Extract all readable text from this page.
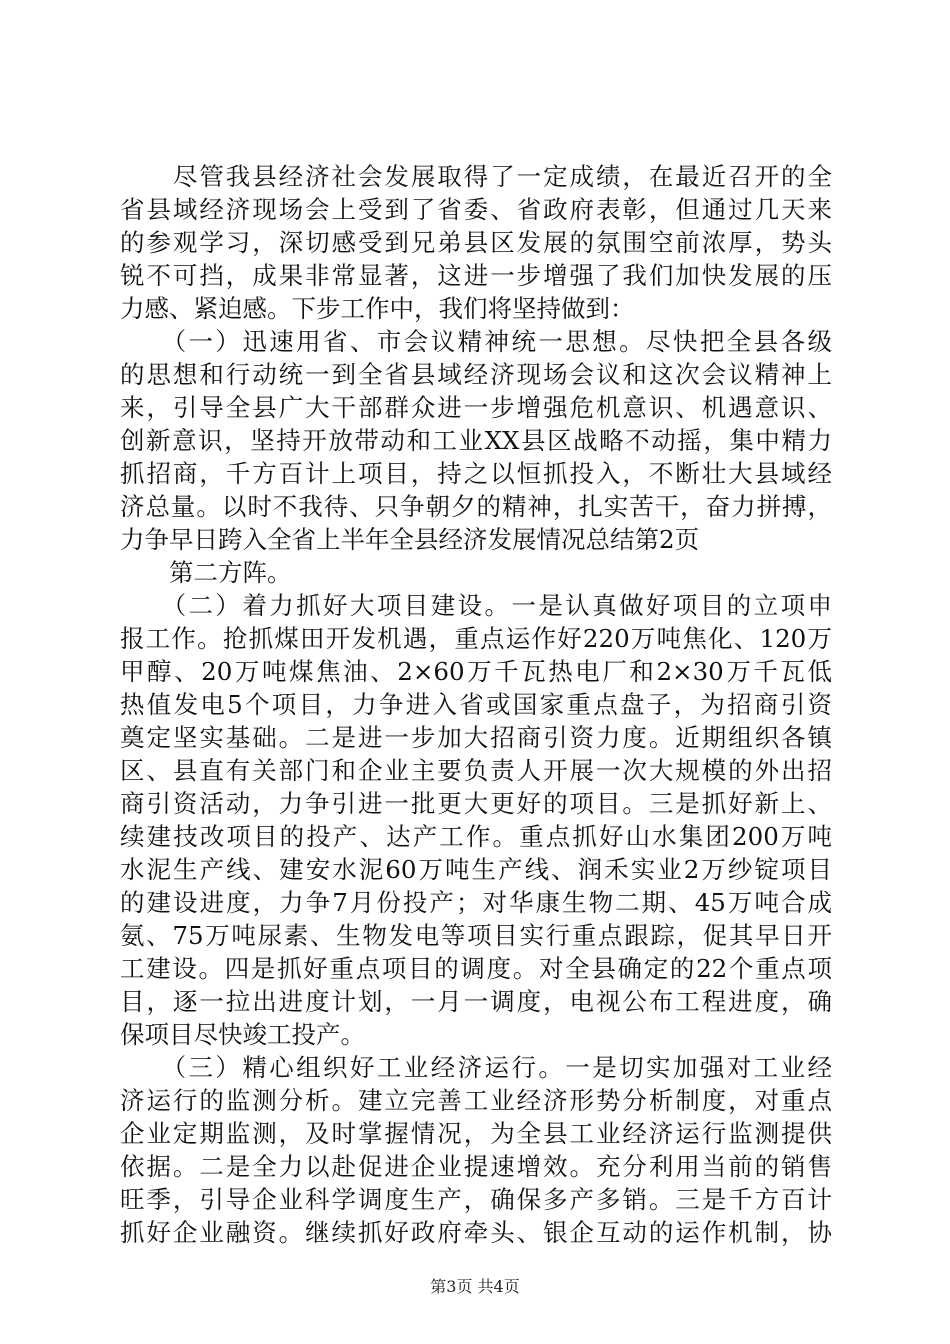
　　尽管我县经济社会发展取得了一定成绩，在最近召开的全
省县域经济现场会上受到了省委、省政府表彰，但通过几天来
的参观学习，深切感受到兄弟县区发展的氛围空前浓厚，势头
锐不可挡，成果非常显著，这进一步增强了我们加快发展的压
力感、紧迫感。下步工作中，我们将坚持做到：
　　（一）迅速用省、市会议精神统一思想。尽快把全县各级
的思想和行动统一到全省县域经济现场会议和这次会议精神上
来，引导全县广大干部群众进一步增强危机意识、机遇意识、
创新意识，坚持开放带动和工业XX县区战略不动摇，集中精力
抓招商，千方百计上项目，持之以恒抓投入，不断壮大县域经
济总量。以时不我待、只争朝夕的精神，扎实苦干，奋力拼搏，
力争早日跨入全省上半年全县经济发展情况总结第2页
　　第二方阵。
　　（二）着力抓好大项目建设。一是认真做好项目的立项申
报工作。抢抓煤田开发机遇，重点运作好220万吨焦化、120万
甲醇、20万吨煤焦油、2×60万千瓦热电厂和2×30万千瓦低
热值发电5个项目，力争进入省或国家重点盘子，为招商引资
奠定坚实基础。二是进一步加大招商引资力度。近期组织各镇
区、县直有关部门和企业主要负责人开展一次大规模的外出招
商引资活动，力争引进一批更大更好的项目。三是抓好新上、
续建技改项目的投产、达产工作。重点抓好山水集团200万吨
水泥生产线、建安水泥60万吨生产线、润禾实业2万纱锭项目
的建设进度，力争7月份投产；对华康生物二期、45万吨合成
氨、75万吨尿素、生物发电等项目实行重点跟踪，促其早日开
工建设。四是抓好重点项目的调度。对全县确定的22个重点项
目，逐一拉出进度计划，一月一调度，电视公布工程进度，确
保项目尽快竣工投产。
　　（三）精心组织好工业经济运行。一是切实加强对工业经
济运行的监测分析。建立完善工业经济形势分析制度，对重点
企业定期监测，及时掌握情况，为全县工业经济运行监测提供
依据。二是全力以赴促进企业提速增效。充分利用当前的销售
旺季，引导企业科学调度生产，确保多产多销。三是千方百计
抓好企业融资。继续抓好政府牵头、银企互动的运作机制，协
第3页 共4页
